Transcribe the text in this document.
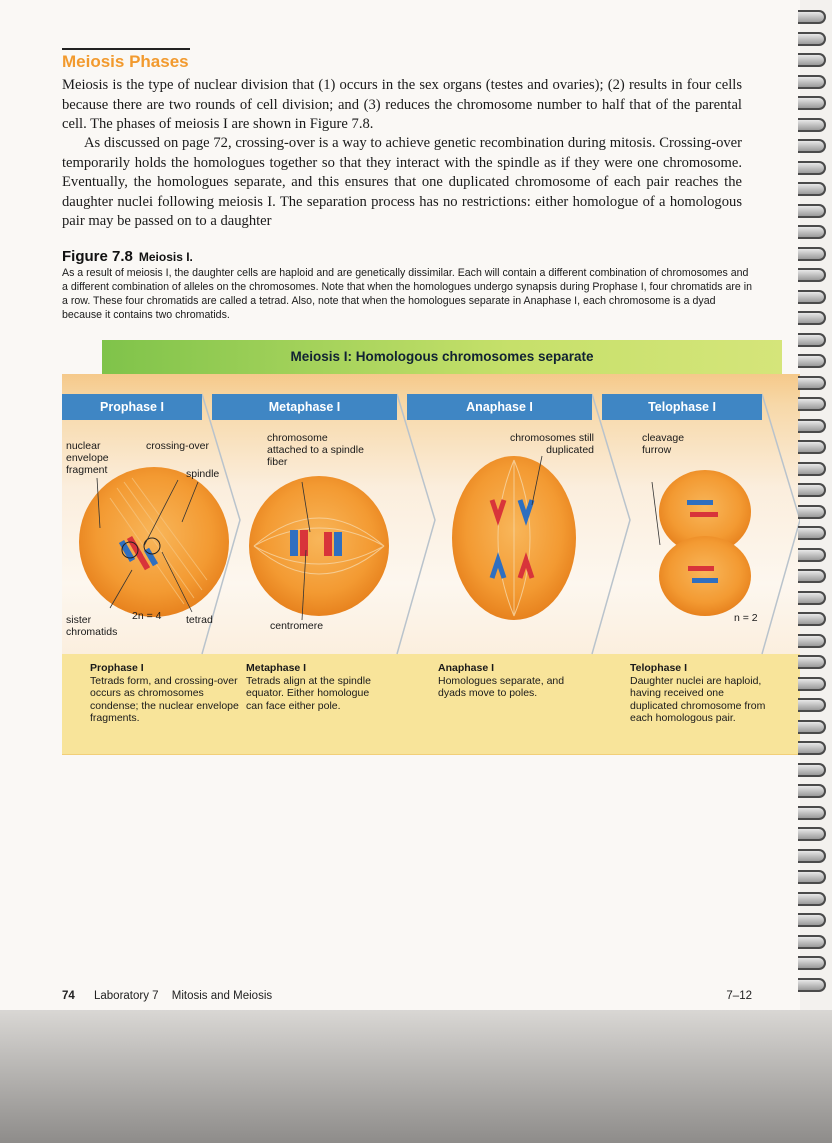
Meiosis Phases

Meiosis is the type of nuclear division that (1) occurs in the sex organs (testes and ovaries); (2) results in four cells because there are two rounds of cell division; and (3) reduces the chromosome number to half that of the parental cell. The phases of meiosis I are shown in Figure 7.8.

As discussed on page 72, crossing-over is a way to achieve genetic recombination during mitosis. Crossing-over temporarily holds the homologues together so that they interact with the spindle as if they were one chromosome. Eventually, the homologues separate, and this ensures that one duplicated chromosome of each pair reaches the daughter nuclei following meiosis I. The separation process has no restrictions: either homologue of a homologous pair may be passed on to a daughter

Figure 7.8 Meiosis I.

As a result of meiosis I, the daughter cells are haploid and are genetically dissimilar. Each will contain a different combination of chromosomes and a different combination of alleles on the chromosomes. Note that when the homologues undergo synapsis during Prophase I, four chromatids are in a row. These four chromatids are called a tetrad. Also, note that when the homologues separate in Anaphase I, each chromosome is a dyad because it contains two chromatids.

Meiosis I: Homologous chromosomes separate
Prophase I	Metaphase I	Anaphase I	Telophase I
nuclear envelope fragment
crossing-over
spindle
sister chromatids
2n = 4 tetrad
chromosome attached to a spindle fiber
centromere
chromosomes still duplicated
cleavage furrow
n = 2
Prophase I
Tetrads form, and crossing-over occurs as chromosomes condense; the nuclear envelope fragments.
Metaphase I
Tetrads align at the spindle equator. Either homologue can face either pole.
Anaphase I
Homologues separate, and dyads move to poles.
Telophase I
Daughter nuclei are haploid, having received one duplicated chromosome from each homologous pair.
74 Laboratory 7 Mitosis and Meiosis	7–12
